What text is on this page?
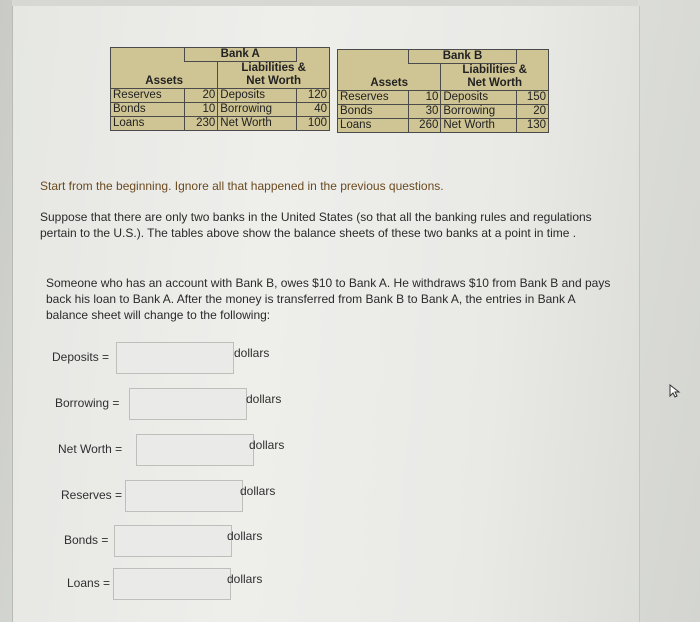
	Bank A		
		Liabilities &	
Assets		Net Worth	
Reserves	20	Deposits	120
Bonds	10	Borrowing	40
Loans	230	Net Worth	100
	Bank B		
		Liabilities &	
Assets		Net Worth	
Reserves	10	Deposits	150
Bonds	30	Borrowing	20
Loans	260	Net Worth	130
Start from the beginning. Ignore all that happened in the previous questions.
Suppose that there are only two banks in the United States (so that all the banking rules and regulations pertain to the U.S.). The tables above show the balance sheets of these two banks at a point in time .
Someone who has an account with Bank B, owes $10 to Bank A. He withdraws $10 from Bank B and pays back his loan to Bank A. After the money is transferred from Bank B to Bank A, the entries in Bank A balance sheet will change to the following:
Deposits =	dollars
Borrowing =	dollars
Net Worth =	dollars
Reserves =	dollars
Bonds =	dollars
Loans =	dollars
